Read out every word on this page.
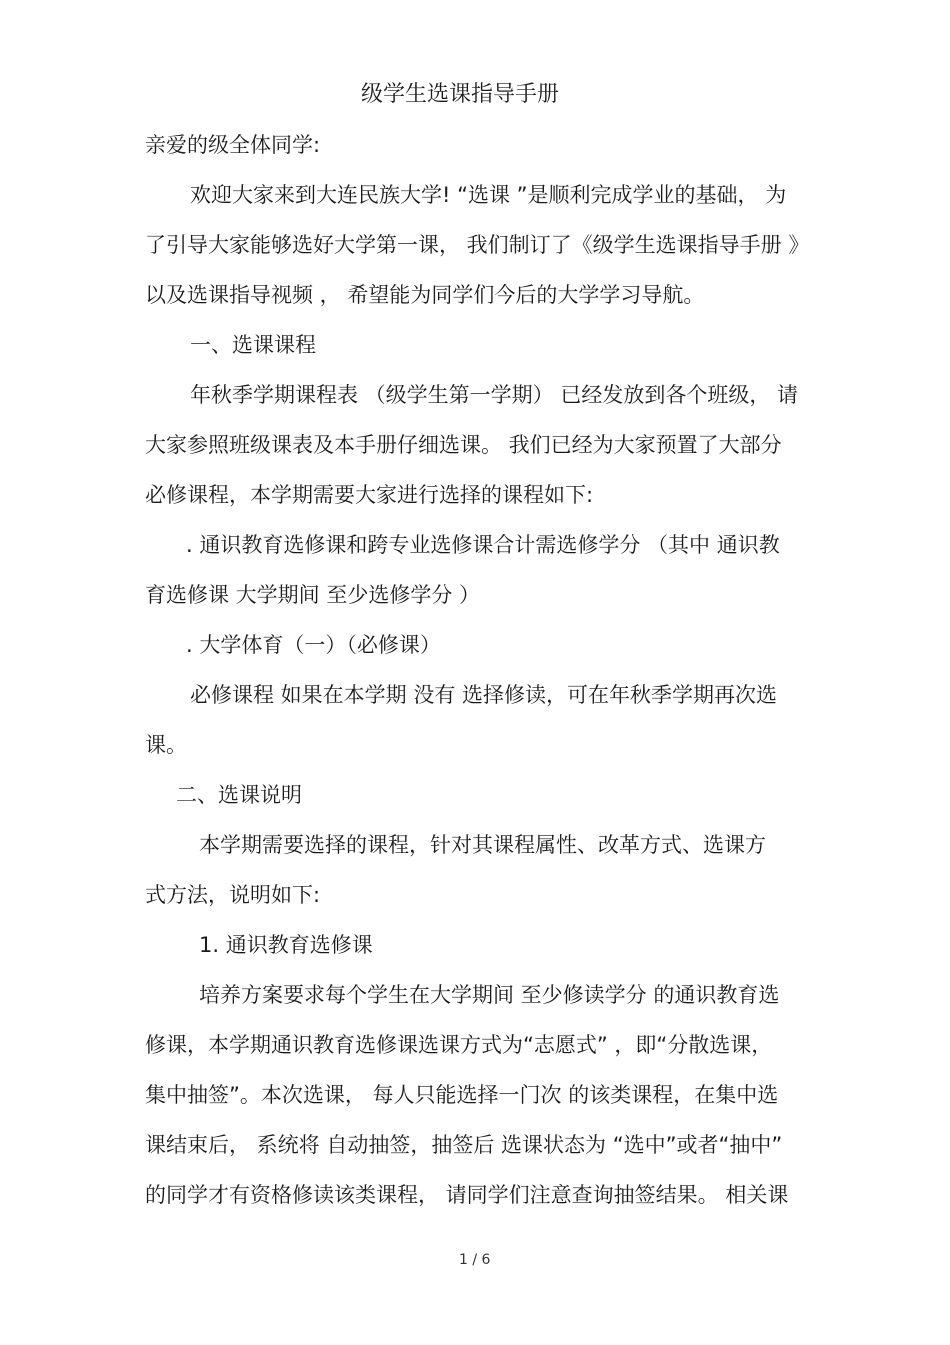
级学生选课指导手册
亲爱的级全体同学:
欢迎大家来到大连民族大学! “选课 ”是顺利完成学业的基础， 为
了引导大家能够选好大学第一课， 我们制订了《级学生选课指导手册 》
以及选课指导视频 ， 希望能为同学们今后的大学学习导航。
一、选课课程
年秋季学期课程表 （级学生第一学期） 已经发放到各个班级， 请
大家参照班级课表及本手册仔细选课。 我们已经为大家预置了大部分
必修课程，本学期需要大家进行选择的课程如下:
. 通识教育选修课和跨专业选修课合计需选修学分 （其中 通识教
育选修课 大学期间 至少选修学分 ）
. 大学体育（一）（必修课）
必修课程 如果在本学期 没有 选择修读，可在年秋季学期再次选
课。
二、选课说明
本学期需要选择的课程，针对其课程属性、改革方式、选课方
式方法，说明如下:
1. 通识教育选修课
培养方案要求每个学生在大学期间 至少修读学分 的通识教育选
修课，本学期通识教育选修课选课方式为“志愿式” ，即“分散选课，
集中抽签”。本次选课， 每人只能选择一门次 的该类课程，在集中选
课结束后， 系统将 自动抽签，抽签后 选课状态为 “选中”或者“抽中”
的同学才有资格修读该类课程， 请同学们注意查询抽签结果。 相关课
1 / 6
